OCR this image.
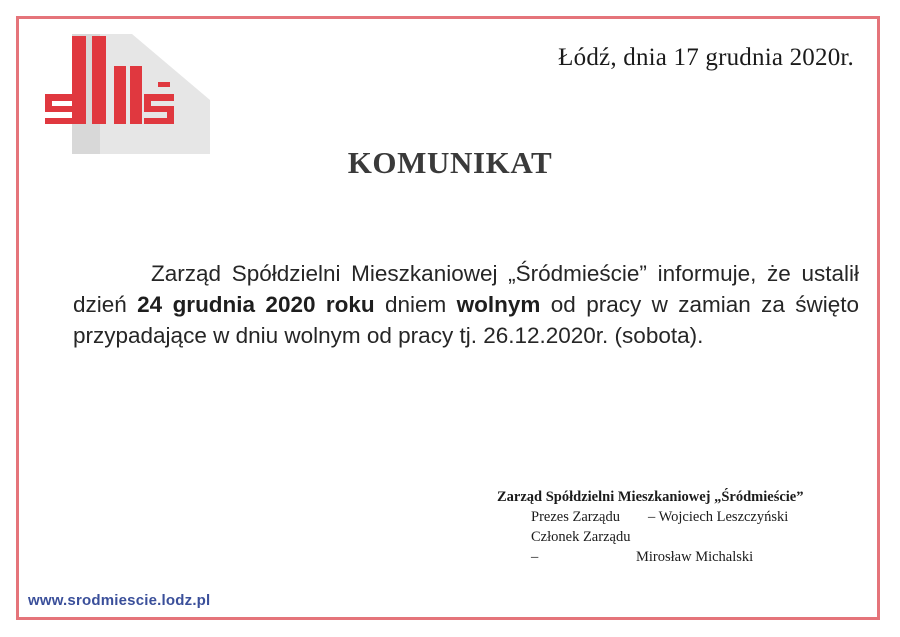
Łódź, dnia 17 grudnia 2020r.
KOMUNIKAT
Zarząd Spółdzielni Mieszkaniowej „Śródmieście” informuje, że ustalił dzień 24 grudnia 2020 roku dniem wolnym od pracy w zamian za święto przypadające w dniu wolnym od pracy tj. 26.12.2020r. (sobota).
Zarząd Spółdzielni Mieszkaniowej „Śródmieście”
Prezes Zarządu – Wojciech Leszczyński
Członek Zarządu –	Mirosław Michalski
www.srodmiescie.lodz.pl
